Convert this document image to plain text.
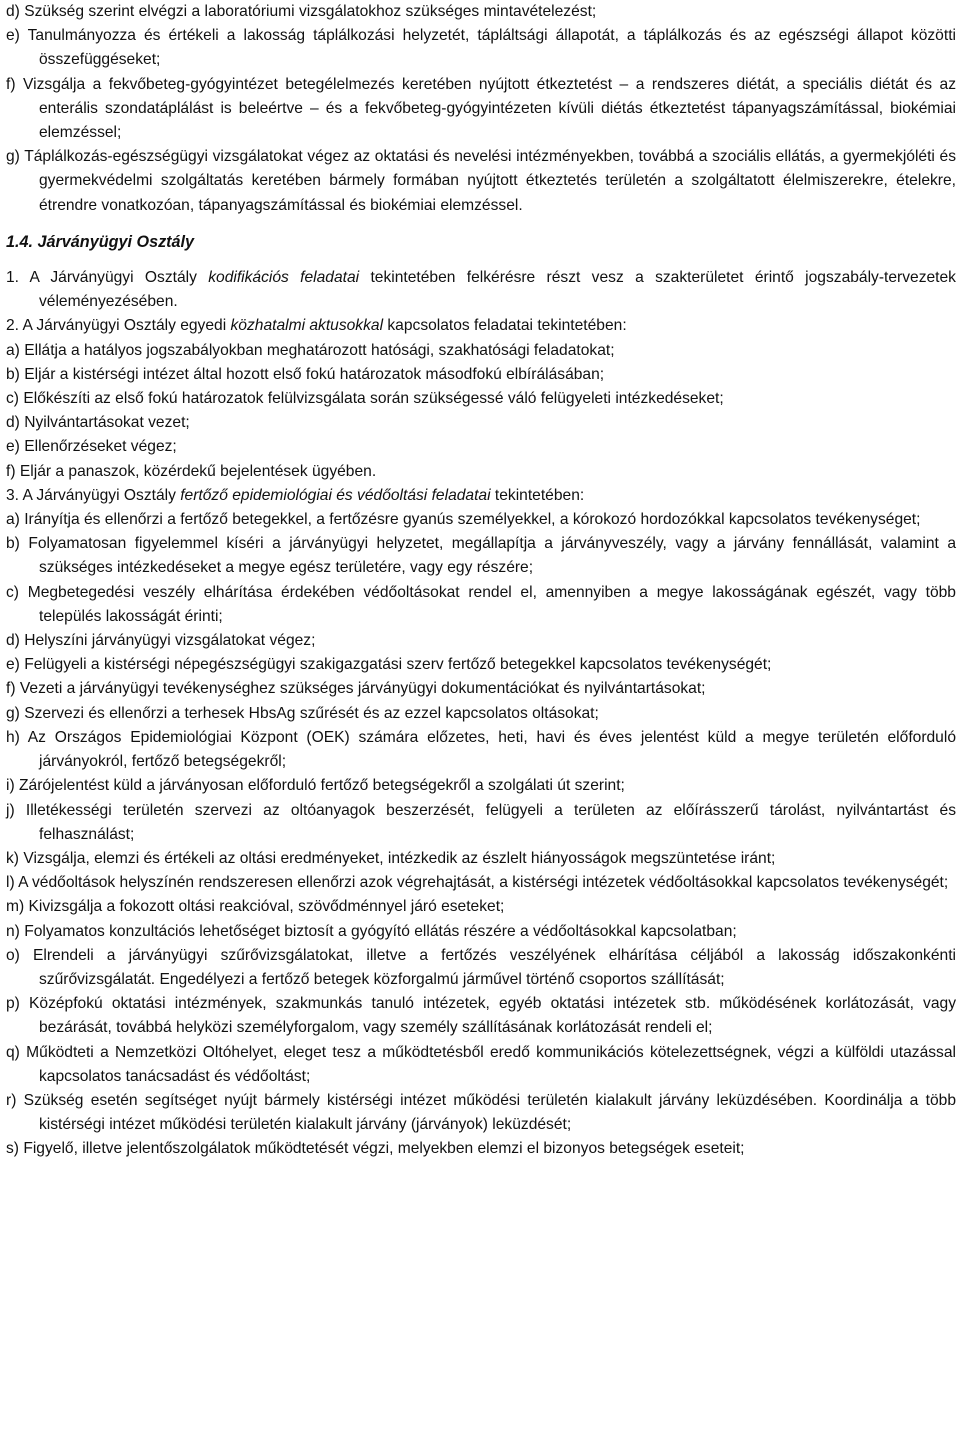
d) Szükség szerint elvégzi a laboratóriumi vizsgálatokhoz szükséges mintavételezést;
e) Tanulmányozza és értékeli a lakosság táplálkozási helyzetét, tápláltsági állapotát, a táplálkozás és az egészségi állapot közötti összefüggéseket;
f) Vizsgálja a fekvőbeteg-gyógyintézet betegélelmezés keretében nyújtott étkeztetést – a rendszeres diétát, a speciális diétát és az enterális szondatáplálást is beleértve – és a fekvőbeteg-gyógyintézeten kívüli diétás étkeztetést tápanyagszámítással, biokémiai elemzéssel;
g) Táplálkozás-egészségügyi vizsgálatokat végez az oktatási és nevelési intézményekben, továbbá a szociális ellátás, a gyermekjóléti és gyermekvédelmi szolgáltatás keretében bármely formában nyújtott étkeztetés területén a szolgáltatott élelmiszerekre, ételekre, étrendre vonatkozóan, tápanyagszámítással és biokémiai elemzéssel.
1.4. Járványügyi Osztály
1. A Járványügyi Osztály kodifikációs feladatai tekintetében felkérésre részt vesz a szakterületet érintő jogszabály-tervezetek véleményezésében.
2. A Járványügyi Osztály egyedi közhatalmi aktusokkal kapcsolatos feladatai tekintetében:
a) Ellátja a hatályos jogszabályokban meghatározott hatósági, szakhatósági feladatokat;
b) Eljár a kistérségi intézet által hozott első fokú határozatok másodfokú elbírálásában;
c) Előkészíti az első fokú határozatok felülvizsgálata során szükségessé váló felügyeleti intézkedéseket;
d) Nyilvántartásokat vezet;
e) Ellenőrzéseket végez;
f) Eljár a panaszok, közérdekű bejelentések ügyében.
3. A Járványügyi Osztály fertőző epidemiológiai és védőoltási feladatai tekintetében:
a) Irányítja és ellenőrzi a fertőző betegekkel, a fertőzésre gyanús személyekkel, a kórokozó hordozókkal kapcsolatos tevékenységet;
b) Folyamatosan figyelemmel kíséri a járványügyi helyzetet, megállapítja a járványveszély, vagy a járvány fennállását, valamint a szükséges intézkedéseket a megye egész területére, vagy egy részére;
c) Megbetegedési veszély elhárítása érdekében védőoltásokat rendel el, amennyiben a megye lakosságának egészét, vagy több település lakosságát érinti;
d) Helyszíni járványügyi vizsgálatokat végez;
e) Felügyeli a kistérségi népegészségügyi szakigazgatási szerv fertőző betegekkel kapcsolatos tevékenységét;
f) Vezeti a járványügyi tevékenységhez szükséges járványügyi dokumentációkat és nyilvántartásokat;
g) Szervezi és ellenőrzi a terhesek HbsAg szűrését és az ezzel kapcsolatos oltásokat;
h) Az Országos Epidemiológiai Központ (OEK) számára előzetes, heti, havi és éves jelentést küld a megye területén előforduló járványokról, fertőző betegségekről;
i) Zárójelentést küld a járványosan előforduló fertőző betegségekről a szolgálati út szerint;
j) Illetékességi területén szervezi az oltóanyagok beszerzését, felügyeli a területen az előírásszerű tárolást, nyilvántartást és felhasználást;
k) Vizsgálja, elemzi és értékeli az oltási eredményeket, intézkedik az észlelt hiányosságok megszüntetése iránt;
l) A védőoltások helyszínén rendszeresen ellenőrzi azok végrehajtását, a kistérségi intézetek védőoltásokkal kapcsolatos tevékenységét;
m) Kivizsgálja a fokozott oltási reakcióval, szövődménnyel járó eseteket;
n) Folyamatos konzultációs lehetőséget biztosít a gyógyító ellátás részére a védőoltásokkal kapcsolatban;
o) Elrendeli a járványügyi szűrővizsgálatokat, illetve a fertőzés veszélyének elhárítása céljából a lakosság időszakonkénti szűrővizsgálatát. Engedélyezi a fertőző betegek közforgalmú járművel történő csoportos szállítását;
p) Középfokú oktatási intézmények, szakmunkás tanuló intézetek, egyéb oktatási intézetek stb. működésének korlátozását, vagy bezárását, továbbá helyközi személyforgalom, vagy személy szállításának korlátozását rendeli el;
q) Működteti a Nemzetközi Oltóhelyet, eleget tesz a működtetésből eredő kommunikációs kötelezettségnek, végzi a külföldi utazással kapcsolatos tanácsadást és védőoltást;
r) Szükség esetén segítséget nyújt bármely kistérségi intézet működési területén kialakult járvány leküzdésében. Koordinálja a több kistérségi intézet működési területén kialakult járvány (járványok) leküzdését;
s) Figyelő, illetve jelentőszolgálatok működtetését végzi, melyekben elemzi el bizonyos betegségek eseteit;
